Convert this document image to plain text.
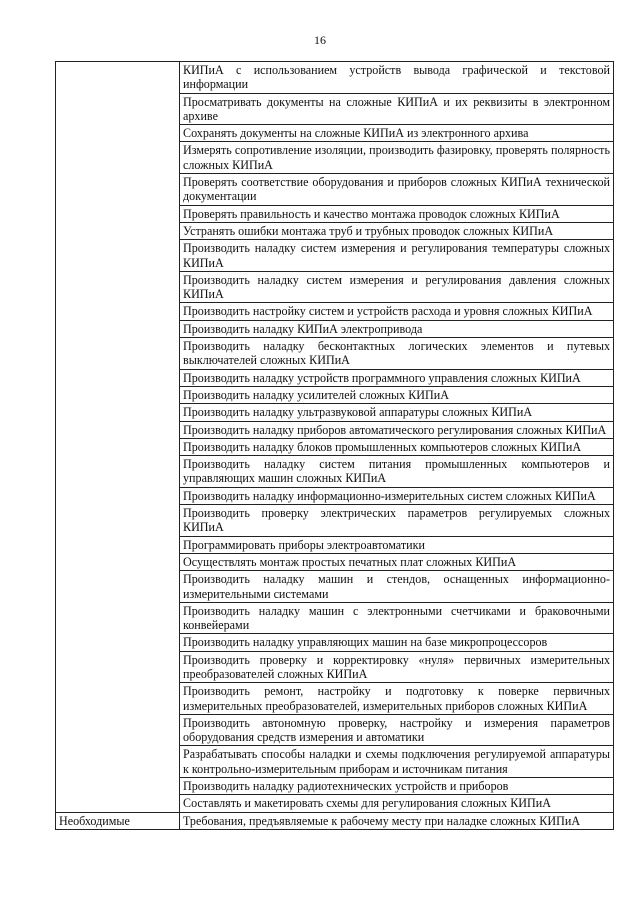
16
	КИПиА с использованием устройств вывода графической и текстовой информации
	Просматривать документы на сложные КИПиА и их реквизиты в электронном архиве
	Сохранять документы на сложные КИПиА из электронного архива
	Измерять сопротивление изоляции, производить фазировку, проверять полярность сложных КИПиА
	Проверять соответствие оборудования и приборов сложных КИПиА технической документации
	Проверять правильность и качество монтажа проводок сложных КИПиА
	Устранять ошибки монтажа труб и трубных проводок сложных КИПиА
	Производить наладку систем измерения и регулирования температуры сложных КИПиА
	Производить наладку систем измерения и регулирования давления сложных КИПиА
	Производить настройку систем и устройств расхода и уровня сложных КИПиА
	Производить наладку КИПиА электропривода
	Производить наладку бесконтактных логических элементов и путевых выключателей сложных КИПиА
	Производить наладку устройств программного управления сложных КИПиА
	Производить наладку усилителей сложных КИПиА
	Производить наладку ультразвуковой аппаратуры сложных КИПиА
	Производить наладку приборов автоматического регулирования сложных КИПиА
	Производить наладку блоков промышленных компьютеров сложных КИПиА
	Производить наладку систем питания промышленных компьютеров и управляющих машин сложных КИПиА
	Производить наладку информационно-измерительных систем сложных КИПиА
	Производить проверку электрических параметров регулируемых сложных КИПиА
	Программировать приборы электроавтоматики
	Осуществлять монтаж простых печатных плат сложных КИПиА
	Производить наладку машин и стендов, оснащенных информационно-измерительными системами
	Производить наладку машин с электронными счетчиками и браковочными конвейерами
	Производить наладку управляющих машин на базе микропроцессоров
	Производить проверку и корректировку «нуля» первичных измерительных преобразователей сложных КИПиА
	Производить ремонт, настройку и подготовку к поверке первичных измерительных преобразователей, измерительных приборов сложных КИПиА
	Производить автономную проверку, настройку и измерения параметров оборудования средств измерения и автоматики
	Разрабатывать способы наладки и схемы подключения регулируемой аппаратуры к контрольно-измерительным приборам и источникам питания
	Производить наладку радиотехнических устройств и приборов
	Составлять и макетировать схемы для регулирования сложных КИПиА
Необходимые	Требования, предъявляемые к рабочему месту при наладке сложных КИПиА
